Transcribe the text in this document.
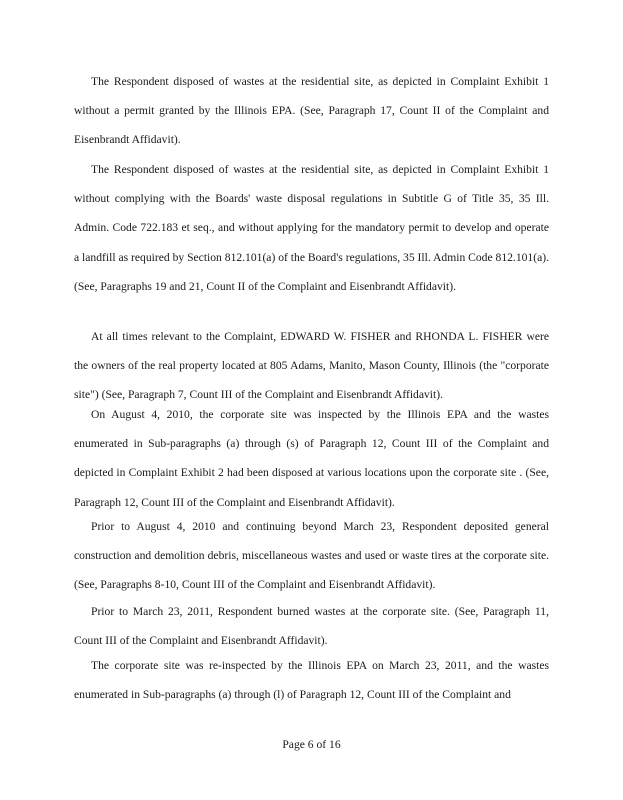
The Respondent disposed of wastes at the residential site, as depicted in Complaint Exhibit 1 without a permit granted by the Illinois EPA. (See, Paragraph 17, Count II of the Complaint and Eisenbrandt Affidavit).

The Respondent disposed of wastes at the residential site, as depicted in Complaint Exhibit 1 without complying with the Boards' waste disposal regulations in Subtitle G of Title 35, 35 Ill. Admin. Code 722.183 et seq., and without applying for the mandatory permit to develop and operate a landfill as required by Section 812.101(a) of the Board's regulations, 35 Ill. Admin Code 812.101(a). (See, Paragraphs 19 and 21, Count II of the Complaint and Eisenbrandt Affidavit).

At all times relevant to the Complaint, EDWARD W. FISHER and RHONDA L. FISHER were the owners of the real property located at 805 Adams, Manito, Mason County, Illinois (the "corporate site") (See, Paragraph 7, Count III of the Complaint and Eisenbrandt Affidavit).

On August 4, 2010, the corporate site was inspected by the Illinois EPA and the wastes enumerated in Sub-paragraphs (a) through (s) of Paragraph 12, Count III of the Complaint and depicted in Complaint Exhibit 2 had been disposed at various locations upon the corporate site . (See, Paragraph 12, Count III of the Complaint and Eisenbrandt Affidavit).

Prior to August 4, 2010 and continuing beyond March 23, Respondent deposited general construction and demolition debris, miscellaneous wastes and used or waste tires at the corporate site. (See, Paragraphs 8-10, Count III of the Complaint and Eisenbrandt Affidavit).

Prior to March 23, 2011, Respondent burned wastes at the corporate site. (See, Paragraph 11, Count III of the Complaint and Eisenbrandt Affidavit).

The corporate site was re-inspected by the Illinois EPA on March 23, 2011, and the wastes enumerated in Sub-paragraphs (a) through (l) of Paragraph 12, Count III of the Complaint and

Page 6 of 16
